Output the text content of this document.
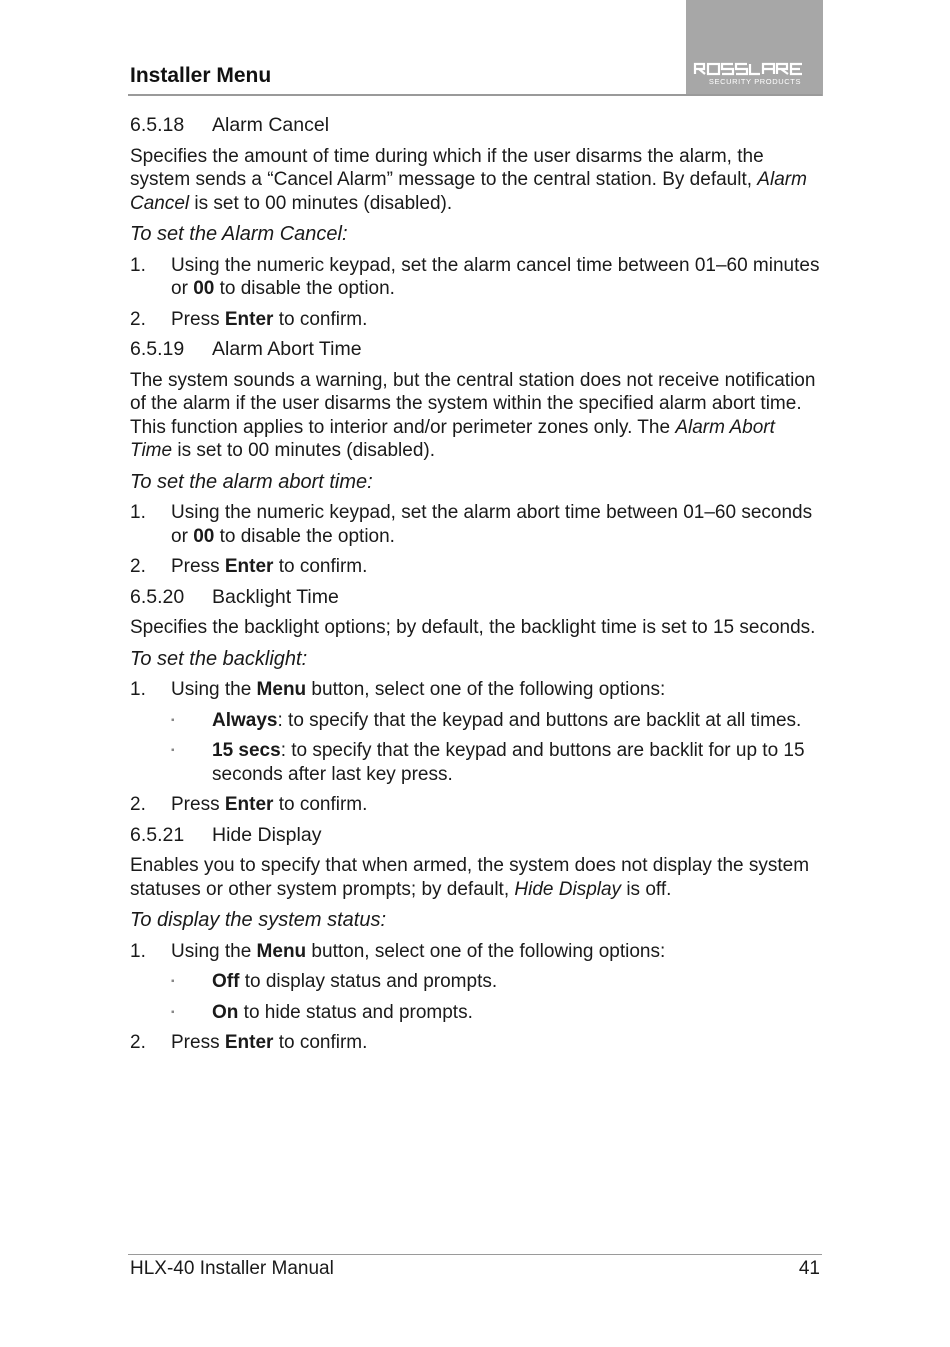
Installer Menu	SECURITY PRODUCTS
6.5.18	Alarm Cancel

Specifies the amount of time during which if the user disarms the alarm, the system sends a “Cancel Alarm” message to the central station. By default, Alarm Cancel is set to 00 minutes (disabled).

To set the Alarm Cancel:
1.	Using the numeric keypad, set the alarm cancel time between 01–60 minutes or 00 to disable the option.
2.	Press Enter to confirm.
6.5.19	Alarm Abort Time

The system sounds a warning, but the central station does not receive notification of the alarm if the user disarms the system within the specified alarm abort time. This function applies to interior and/or perimeter zones only. The Alarm Abort Time is set to 00 minutes (disabled).

To set the alarm abort time:
1.	Using the numeric keypad, set the alarm abort time between 01–60 seconds or 00 to disable the option.
2.	Press Enter to confirm.
6.5.20	Backlight Time

Specifies the backlight options; by default, the backlight time is set to 15 seconds.

To set the backlight:
1.	Using the Menu button, select one of the following options:
▪	Always: to specify that the keypad and buttons are backlit at all times.
▪	15 secs: to specify that the keypad and buttons are backlit for up to 15 seconds after last key press.
2.	Press Enter to confirm.
6.5.21	Hide Display

Enables you to specify that when armed, the system does not display the system statuses or other system prompts; by default, Hide Display is off.

To display the system status:
1.	Using the Menu button, select one of the following options:
▪	Off to display status and prompts.
▪	On to hide status and prompts.
2.	Press Enter to confirm.
HLX-40 Installer Manual	41
